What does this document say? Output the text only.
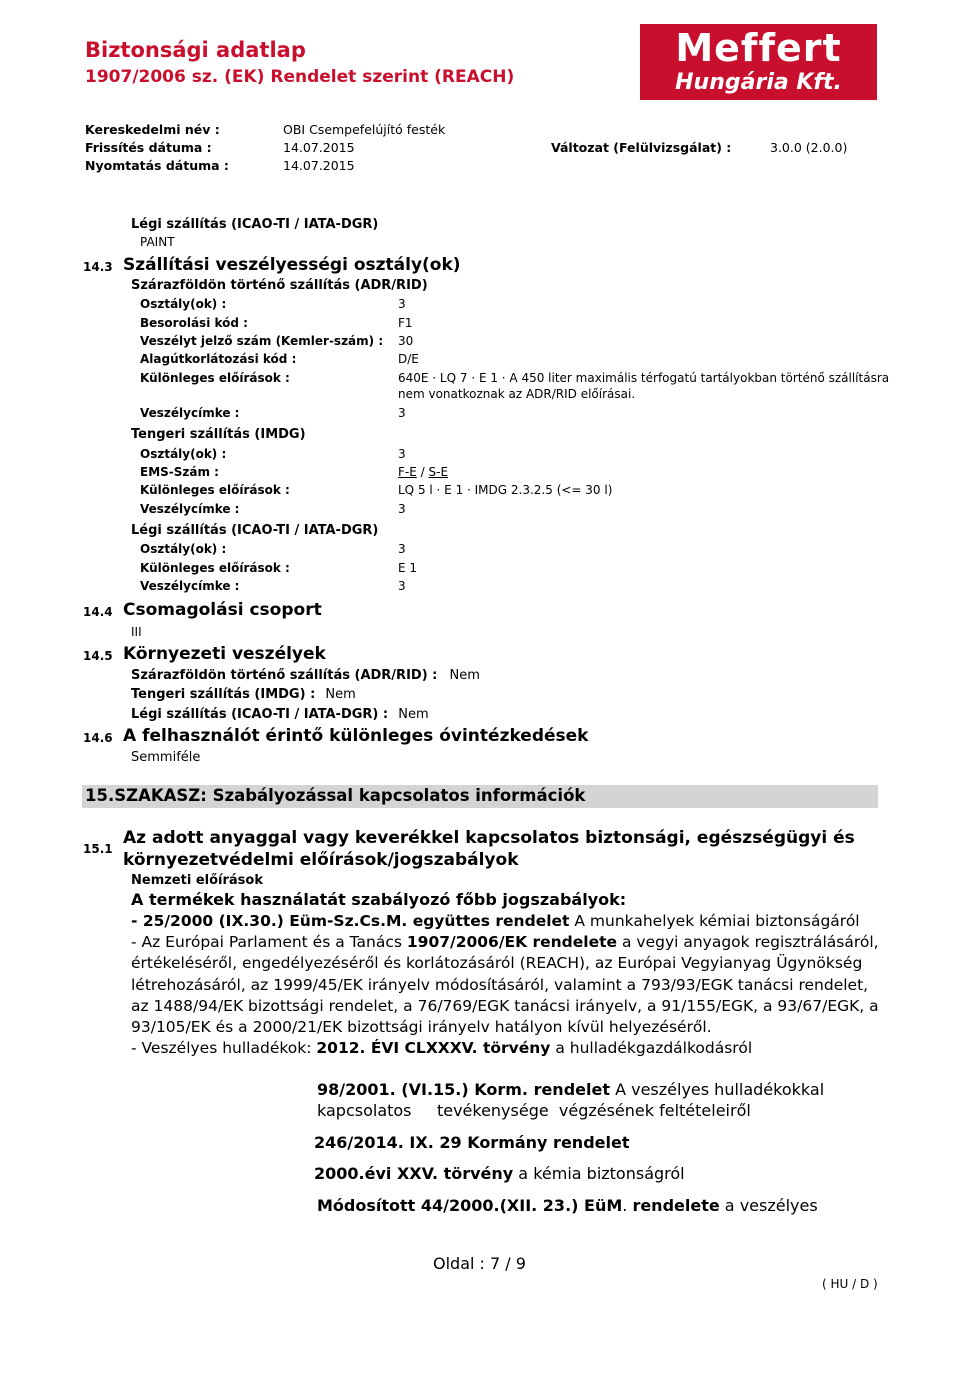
Biztonsági adatlap
1907/2006 sz. (EK) Rendelet szerint (REACH)
Meffert
Hungária Kft.
Kereskedelmi név :	OBI Csempefelújító festék
Frissítés dátuma :	14.07.2015	Változat (Felülvizsgálat) :	3.0.0 (2.0.0)
Nyomtatás dátuma :	14.07.2015
Légi szállítás (ICAO-TI / IATA-DGR)
PAINT
14.3 Szállítási veszélyességi osztály(ok)
Szárazföldön történő szállítás (ADR/RID)
Osztály(ok) :	3
Besorolási kód :	F1
Veszélyt jelző szám (Kemler-szám) : 30
Alagútkorlátozási kód :	D/E
Különleges előírások :	640E · LQ 7 · E 1 · A 450 liter maximális térfogatú tartályokban történő szállításra
nem vonatkoznak az ADR/RID előírásai.
Veszélycímke :	3
Tengeri szállítás (IMDG)
Osztály(ok) :	3
EMS-Szám :	F-E / S-E
Különleges előírások :	LQ 5 l · E 1 · IMDG 2.3.2.5 (<= 30 l)
Veszélycímke :	3
Légi szállítás (ICAO-TI / IATA-DGR)
Osztály(ok) :	3
Különleges előírások :	E 1
Veszélycímke :	3
14.4 Csomagolási csoport
III
14.5 Környezeti veszélyek
Szárazföldön történő szállítás (ADR/RID) : Nem
Tengeri szállítás (IMDG) : Nem
Légi szállítás (ICAO-TI / IATA-DGR) : Nem
14.6 A felhasználót érintő különleges óvintézkedések
Semmiféle
15.SZAKASZ: Szabályozással kapcsolatos információk
15.1
Az adott anyaggal vagy keverékkel kapcsolatos biztonsági, egészségügyi és
környezetvédelmi előírások/jogszabályok
Nemzeti előírások
A termékek használatát szabályozó főbb jogszabályok:
- 25/2000 (IX.30.) Eüm-Sz.Cs.M. együttes rendelet A munkahelyek kémiai biztonságáról
- Az Európai Parlament és a Tanács 1907/2006/EK rendelete a vegyi anyagok regisztrálásáról, értékeléséről, engedélyezéséről és korlátozásáról (REACH), az Európai Vegyianyag Ügynökség létrehozásáról, az 1999/45/EK irányelv módosításáról, valamint a 793/93/EGK tanácsi rendelet, az 1488/94/EK bizottsági rendelet, a 76/769/EGK tanácsi irányelv, a 91/155/EGK, a 93/67/EGK, a 93/105/EK és a 2000/21/EK bizottsági irányelv hatályon kívül helyezéséről.
- Veszélyes hulladékok: 2012. ÉVI CLXXXV. törvény a hulladékgazdálkodásról
98/2001. (VI.15.) Korm. rendelet A veszélyes hulladékokkal
kapcsolatos     tevékenysége  végzésének feltételeiről
246/2014. IX. 29 Kormány rendelet
2000.évi XXV. törvény a kémia biztonságról
Módosított 44/2000.(XII. 23.) EüM. rendelete a veszélyes
Oldal : 7 / 9
( HU / D )
